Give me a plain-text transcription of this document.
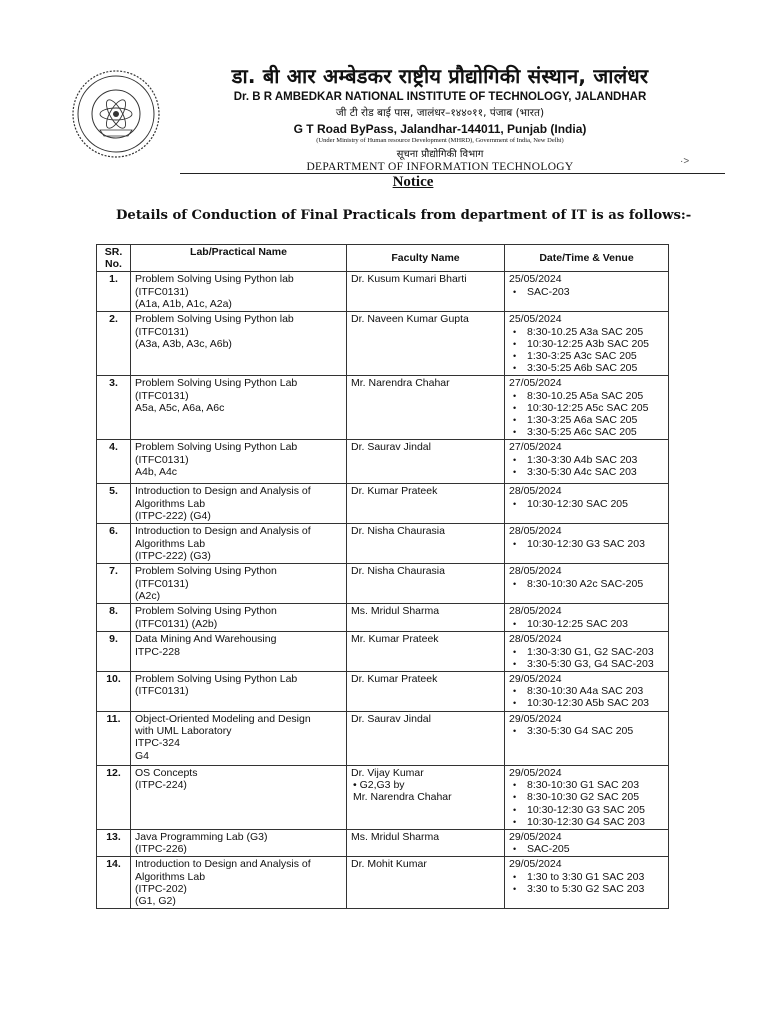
डा. बी आर अम्बेडकर राष्ट्रीय प्रौद्योगिकी संस्थान, जालंधर
Dr. B R AMBEDKAR NATIONAL INSTITUTE OF TECHNOLOGY, JALANDHAR
जी टी रोड बाई पास, जालंधर–१४४०११, पंजाब (भारत)
G T Road ByPass, Jalandhar-144011, Punjab (India)
(Under Ministry of Human resource Development (MHRD), Government of India, New Delhi)
सूचना प्रौद्योगिकी विभाग
DEPARTMENT OF INFORMATION TECHNOLOGY	·>
Notice
Details of Conduction of Final Practicals from department of IT is as follows:-
SR.
No.	Lab/Practical Name	Faculty Name	Date/Time & Venue
1.	Problem Solving Using Python lab
(ITFC0131)
(A1a, A1b, A1c, A2a)	Dr. Kusum Kumari Bharti	25/05/2024
• SAC-203

2.	Problem Solving Using Python lab
(ITFC0131)
(A3a, A3b, A3c, A6b)	Dr. Naveen Kumar Gupta	25/05/2024
• 8:30-10.25 A3a SAC 205
• 10:30-12:25 A3b SAC 205
• 1:30-3:25 A3c SAC 205
• 3:30-5:25 A6b SAC 205

3.	Problem Solving Using Python Lab
(ITFC0131)
A5a, A5c, A6a, A6c	Mr. Narendra Chahar	27/05/2024
• 8:30-10.25 A5a SAC 205
• 10:30-12:25 A5c SAC 205
• 1:30-3:25 A6a SAC 205
• 3:30-5:25 A6c SAC 205

4.	Problem Solving Using Python Lab
(ITFC0131)
A4b, A4c	Dr. Saurav Jindal	27/05/2024
• 1:30-3:30 A4b SAC 203
• 3:30-5:30 A4c SAC 203

5.	Introduction to Design and Analysis of
Algorithms Lab
(ITPC-222) (G4)	Dr. Kumar Prateek	28/05/2024
• 10:30-12:30 SAC 205

6.	Introduction to Design and Analysis of
Algorithms Lab
(ITPC-222) (G3)	Dr. Nisha Chaurasia	28/05/2024
• 10:30-12:30 G3 SAC 203

7.	Problem Solving Using Python
(ITFC0131)
(A2c)	Dr. Nisha Chaurasia	28/05/2024
• 8:30-10:30 A2c SAC-205

8.	Problem Solving Using Python
(ITFC0131) (A2b)	Ms. Mridul Sharma	28/05/2024
• 10:30-12:25 SAC 203

9.	Data Mining And Warehousing
ITPC-228	Mr. Kumar Prateek	28/05/2024
• 1:30-3:30 G1, G2 SAC-203
• 3:30-5:30 G3, G4 SAC-203

10.	Problem Solving Using Python Lab
(ITFC0131)	Dr. Kumar Prateek	29/05/2024
• 8:30-10:30 A4a SAC 203
• 10:30-12:30 A5b SAC 203

11.	Object-Oriented Modeling and Design
with UML Laboratory
ITPC-324
G4	Dr. Saurav Jindal	29/05/2024
• 3:30-5:30 G4 SAC 205

12.	OS Concepts
(ITPC-224)	Dr. Vijay Kumar
• G2,G3 by
Mr. Narendra Chahar	29/05/2024
• 8:30-10:30 G1 SAC 203
• 8:30-10:30 G2 SAC 205
• 10:30-12:30 G3 SAC 205
• 10:30-12:30 G4 SAC 203

13.	Java Programming Lab (G3)
(ITPC-226)	Ms. Mridul Sharma	29/05/2024
• SAC-205

14.	Introduction to Design and Analysis of
Algorithms Lab
(ITPC-202)
(G1, G2)	Dr. Mohit Kumar	29/05/2024
• 1:30 to 3:30 G1 SAC 203
• 3:30 to 5:30 G2 SAC 203
